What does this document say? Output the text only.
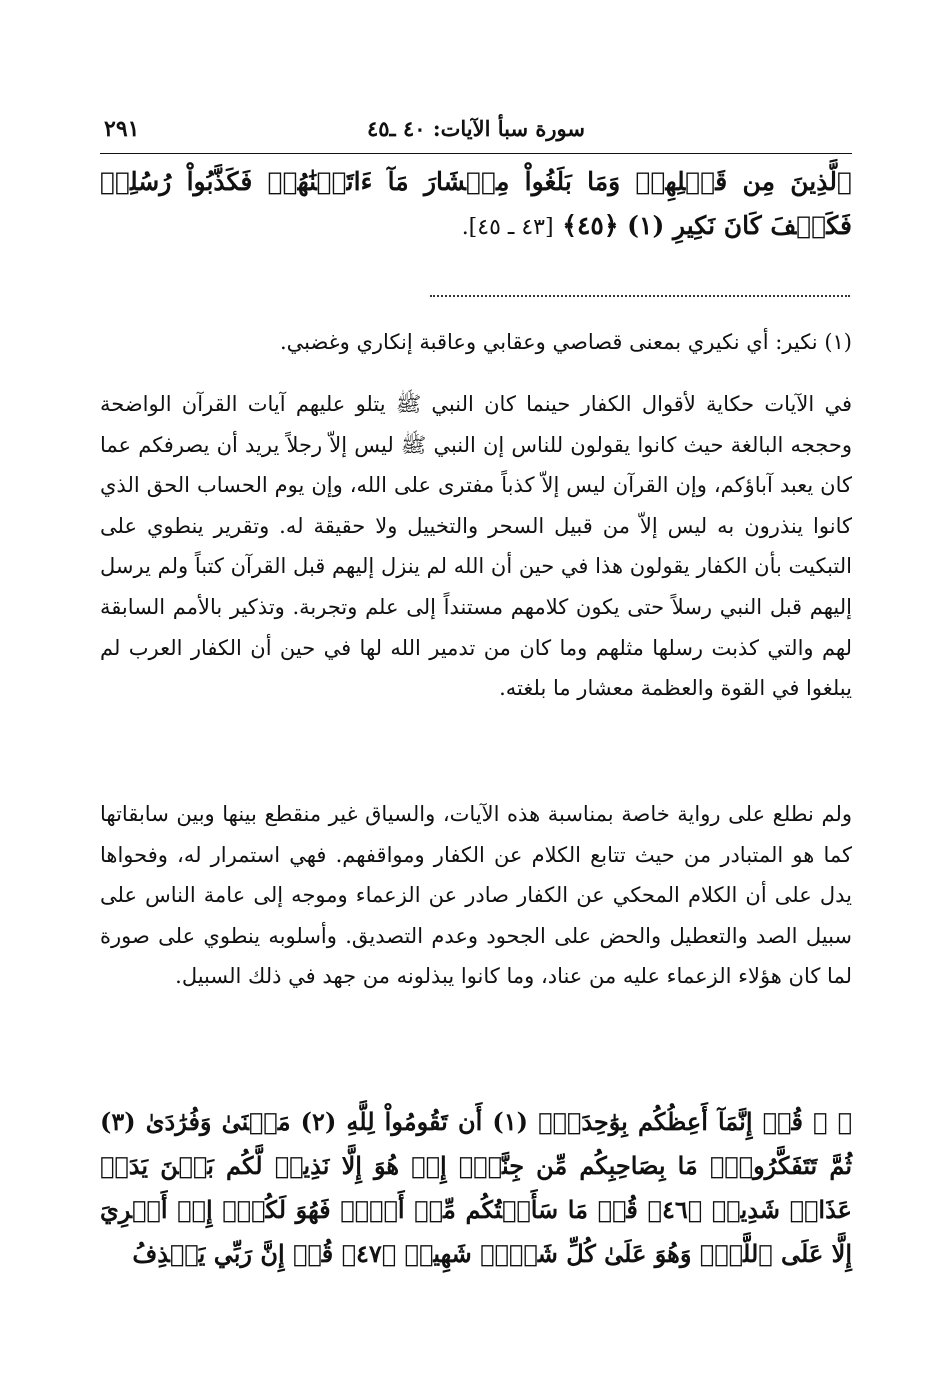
سورة سبأ الآيات: ٤٠ ـ٤٥
٢٩١
ٱلَّذِينَ مِن قَبۡلِهِمۡ وَمَا بَلَغُواْ مِعۡشَارَ مَآ ءَاتَيۡنَٰهُمۡ فَكَذَّبُواْ رُسُلِيۖ فَكَيۡفَ كَانَ نَكِيرِ (١) ﴿٤٥﴾ [٤٣ ـ ٤٥].
(١) نكير: أي نكيري بمعنى قصاصي وعقابي وعاقبة إنكاري وغضبي.
في الآيات حكاية لأقوال الكفار حينما كان النبي ﷺ يتلو عليهم آيات القرآن الواضحة وحججه البالغة حيث كانوا يقولون للناس إن النبي ﷺ ليس إلاّ رجلاً يريد أن يصرفكم عما كان يعبد آباؤكم، وإن القرآن ليس إلاّ كذباً مفترى على الله، وإن يوم الحساب الحق الذي كانوا ينذرون به ليس إلاّ من قبيل السحر والتخييل ولا حقيقة له. وتقرير ينطوي على التبكيت بأن الكفار يقولون هذا في حين أن الله لم ينزل إليهم قبل القرآن كتباً ولم يرسل إليهم قبل النبي رسلاً حتى يكون كلامهم مستنداً إلى علم وتجربة. وتذكير بالأمم السابقة لهم والتي كذبت رسلها مثلهم وما كان من تدمير الله لها في حين أن الكفار العرب لم يبلغوا في القوة والعظمة معشار ما بلغته.
ولم نطلع على رواية خاصة بمناسبة هذه الآيات، والسياق غير منقطع بينها وبين سابقاتها كما هو المتبادر من حيث تتابع الكلام عن الكفار ومواقفهم. فهي استمرار له، وفحواها يدل على أن الكلام المحكي عن الكفار صادر عن الزعماء وموجه إلى عامة الناس على سبيل الصد والتعطيل والحض على الجحود وعدم التصديق. وأسلوبه ينطوي على صورة لما كان هؤلاء الزعماء عليه من عناد، وما كانوا يبذلونه من جهد في ذلك السبيل.
﴿ ۞ قُلۡ إِنَّمَآ أَعِظُكُم بِوَٰحِدَةٍۖ (١) أَن تَقُومُواْ لِلَّهِ (٢) مَثۡنَىٰ وَفُرَٰدَىٰ (٣) ثُمَّ تَتَفَكَّرُواْۚ مَا بِصَاحِبِكُم مِّن جِنَّةٍۚ إِنۡ هُوَ إِلَّا نَذِيرٞ لَّكُم بَيۡنَ يَدَيۡ عَذَابٖ شَدِيدٖ ﴿٤٦﴾ قُلۡ مَا سَأَلۡتُكُم مِّنۡ أَجۡرٖ فَهُوَ لَكُمۡۖ إِنۡ أَجۡرِيَ إِلَّا عَلَى ٱللَّهِۖ وَهُوَ عَلَىٰ كُلِّ شَيۡءٖ شَهِيدٞ ﴿٤٧﴾ قُلۡ إِنَّ رَبِّي يَقۡذِفُ
